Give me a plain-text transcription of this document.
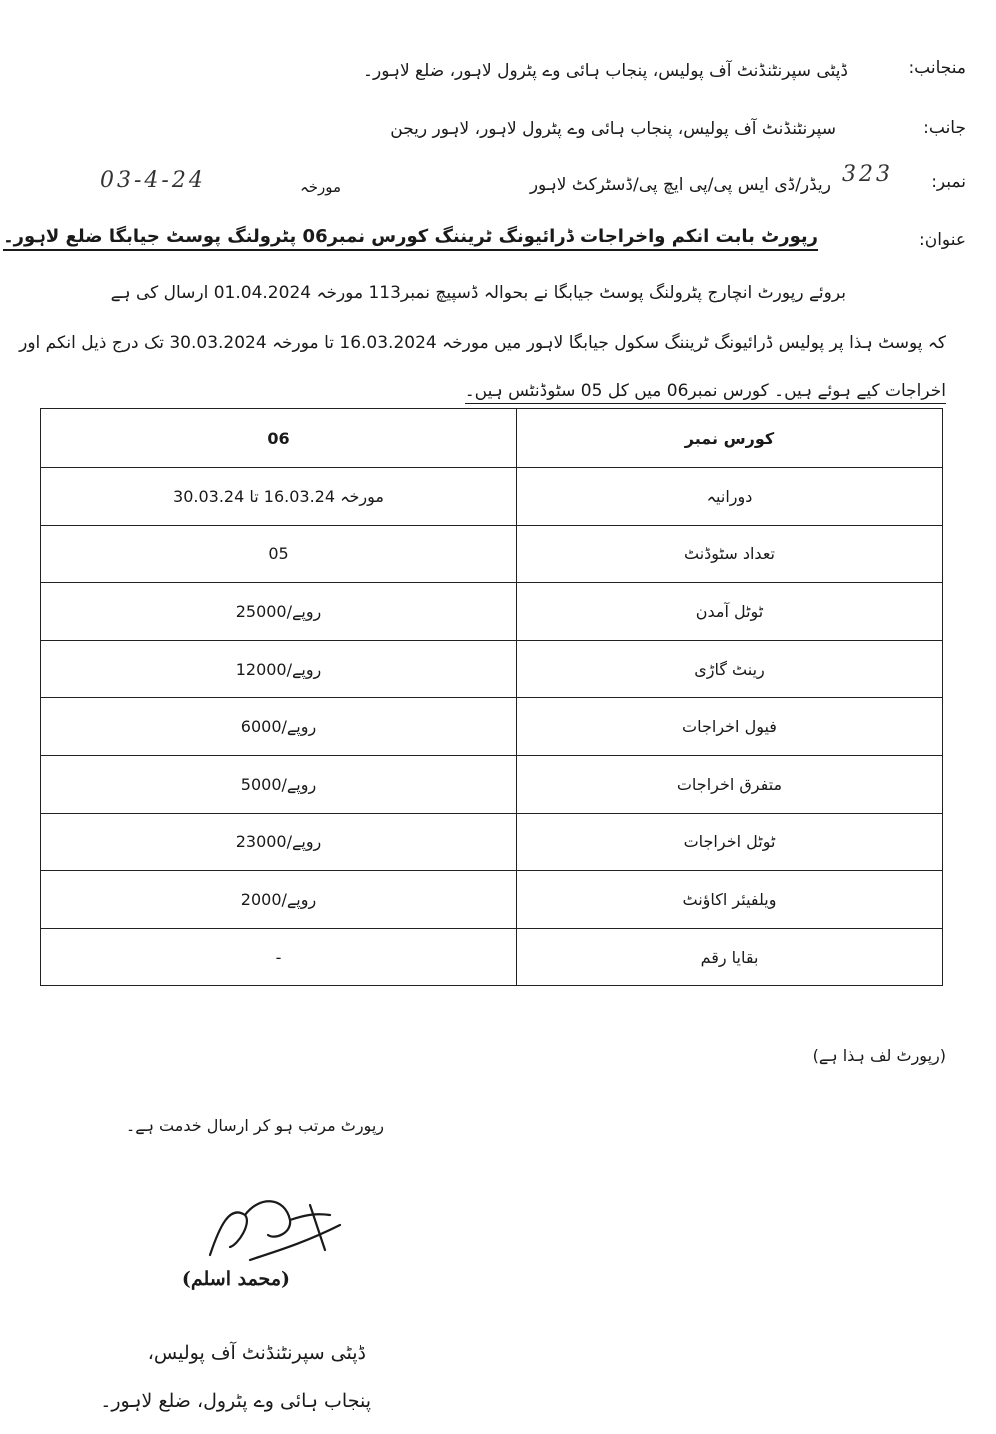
منجانب:
ڈپٹی سپرنٹنڈنٹ آف پولیس، پنجاب ہائی وے پٹرول لاہور، ضلع لاہور۔
جانب:
سپرنٹنڈنٹ آف پولیس، پنجاب ہائی وے پٹرول لاہور، لاہور ریجن
نمبر:
323
ریڈر/ڈی ایس پی/پی ایچ پی/ڈسٹرکٹ لاہور
مورخہ
03-4-24
عنوان:
رپورٹ بابت انکم واخراجات ڈرائیونگ ٹریننگ کورس نمبر06 پٹرولنگ پوسٹ جیابگا ضلع لاہور۔
بروئے رپورٹ انچارج پٹرولنگ پوسٹ جیابگا نے بحوالہ ڈسپیچ نمبر113 مورخہ 01.04.2024 ارسال کی ہے
کہ پوسٹ ہذا پر پولیس ڈرائیونگ ٹریننگ سکول جیابگا لاہور میں مورخہ 16.03.2024 تا مورخہ 30.03.2024 تک درج ذیل انکم اور
اخراجات کیے ہوئے ہیں۔ کورس نمبر06 میں کل 05 سٹوڈنٹس ہیں۔
06	کورس نمبر
مورخہ 16.03.24 تا 30.03.24	دورانیہ
05	تعداد سٹوڈنٹ
25000/روپے	ٹوٹل آمدن
12000/روپے	رینٹ گاڑی
6000/روپے	فیول اخراجات
5000/روپے	متفرق اخراجات
23000/روپے	ٹوٹل اخراجات
2000/روپے	ویلفیئر اکاؤنٹ
-	بقایا رقم
(رپورٹ لف ہذا ہے)
رپورٹ مرتب ہو کر ارسال خدمت ہے۔
(محمد اسلم)
ڈپٹی سپرنٹنڈنٹ آف پولیس،
پنجاب ہائی وے پٹرول، ضلع لاہور۔
